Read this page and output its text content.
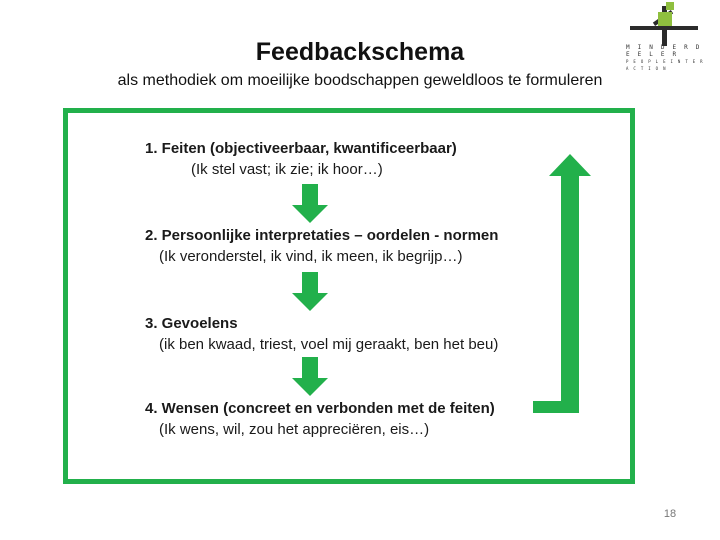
Feedbackschema
als methodiek om moeilijke boodschappen geweldloos te formuleren
M I N D E R D E E L E R
P E O P L E I N T E R A C T I O N
1. Feiten (objectiveerbaar, kwantificeerbaar)
(Ik stel vast; ik zie; ik hoor…)
2. Persoonlijke interpretaties – oordelen - normen
(Ik veronderstel, ik vind, ik meen, ik begrijp…)
3. Gevoelens
(ik ben kwaad, triest, voel mij geraakt, ben het beu)
4. Wensen (concreet en verbonden met de feiten)
(Ik wens, wil, zou het appreciëren, eis…)
18
